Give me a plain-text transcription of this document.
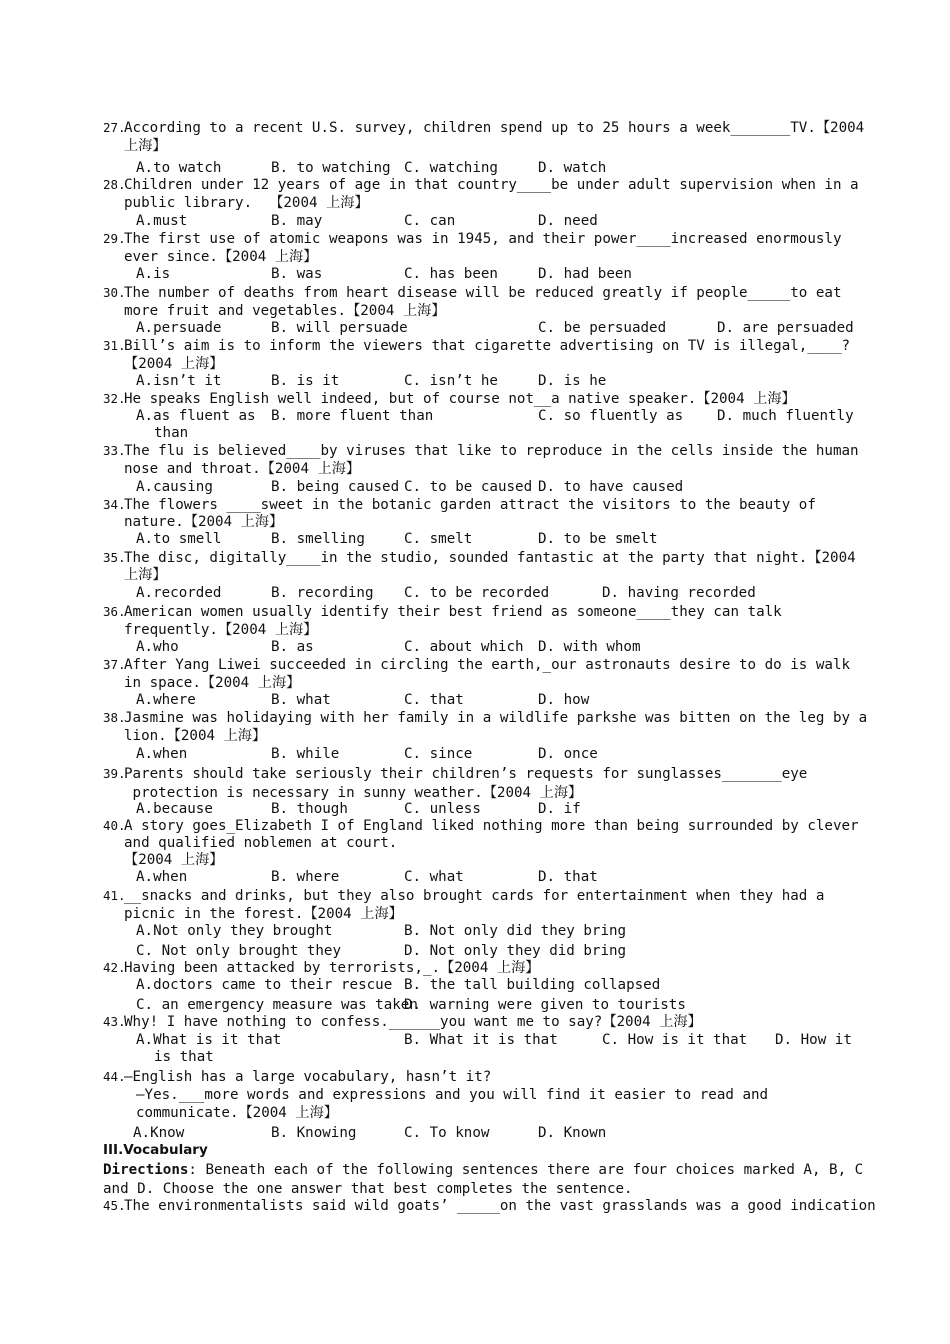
27.
According to a recent U.S. survey, children spend up to 25 hours a week_______TV.【2004
上海】
A.to watch	B. to watching C. watching	D. watch
28.
Children under 12 years of age in that country____be under adult supervision when in a
public library.  【2004 上海】
A.must	B. may	C. can	D. need
29.
The first use of atomic weapons was in 1945, and their power____increased enormously
ever since.【2004 上海】
A.is	B. was	C. has been	D. had been
30.
The number of deaths from heart disease will be reduced greatly if people_____to eat
more fruit and vegetables.【2004 上海】
A.persuade	B. will persuade	C. be persuaded	D. are persuaded
31.
Bill’s aim is to inform the viewers that cigarette advertising on TV is illegal,____?
【2004 上海】
A.isn’t it	B. is it	C. isn’t he	D. is he
32.
He speaks English well indeed, but of course not__a native speaker.【2004 上海】
A.as fluent as B. more fluent than	C. so fluently as D. much fluently
than
33.
The flu is believed____by viruses that like to reproduce in the cells inside the human
nose and throat.【2004 上海】
A.causing	B. being caused C. to be caused D. to have caused
34.
The flowers ____sweet in the botanic garden attract the visitors to the beauty of
nature.【2004 上海】
A.to smell	B. smelling	C. smelt	D. to be smelt
35.
The disc, digitally____in the studio, sounded fantastic at the party that night.【2004
上海】
A.recorded	B. recording C. to be recorded	D. having recorded
36.
American women usually identify their best friend as someone____they can talk
frequently.【2004 上海】
A.who	B. as	C. about which D. with whom
37.
After Yang Liwei succeeded in circling the earth,_our astronauts desire to do is walk
in space.【2004 上海】
A.where	B. what	C. that	D. how
38.
Jasmine was holidaying with her family in a wildlife parkshe was bitten on the leg by a
lion.【2004 上海】
A.when	B. while	C. since	D. once
39.
Parents should take seriously their children’s requests for sunglasses_______eye
protection is necessary in sunny weather.【2004 上海】
A.because	B. though	C. unless	D. if
40.
A story goes_Elizabeth I of England liked nothing more than being surrounded by clever
and qualified noblemen at court.
【2004 上海】
A.when	B. where	C. what	D. that
41.
__snacks and drinks, but they also brought cards for entertainment when they had a
picnic in the forest.【2004 上海】
A.Not only they brought	B. Not only did they bring
C. Not only brought they	D. Not only they did bring
42.
Having been attacked by terrorists,_.【2004 上海】
A.doctors came to their rescue B. the tall building collapsed
C. an emergency measure was taken
D. warning were given to tourists
43.
Why! I have nothing to confess.______you want me to say?【2004 上海】
A.What is it that	B. What it is that	C. How is it that D. How it
is that
44.
—English has a large vocabulary, hasn’t it?
—Yes.___more words and expressions and you will find it easier to read and
communicate.【2004 上海】
A.Know	B. Knowing	C. To know	D. Known
III.Vocabulary
Directions: Beneath each of the following sentences there are four choices marked A, B, C
and D. Choose the one answer that best completes the sentence.
45.
The environmentalists said wild goats’ _____on the vast grasslands was a good indication
